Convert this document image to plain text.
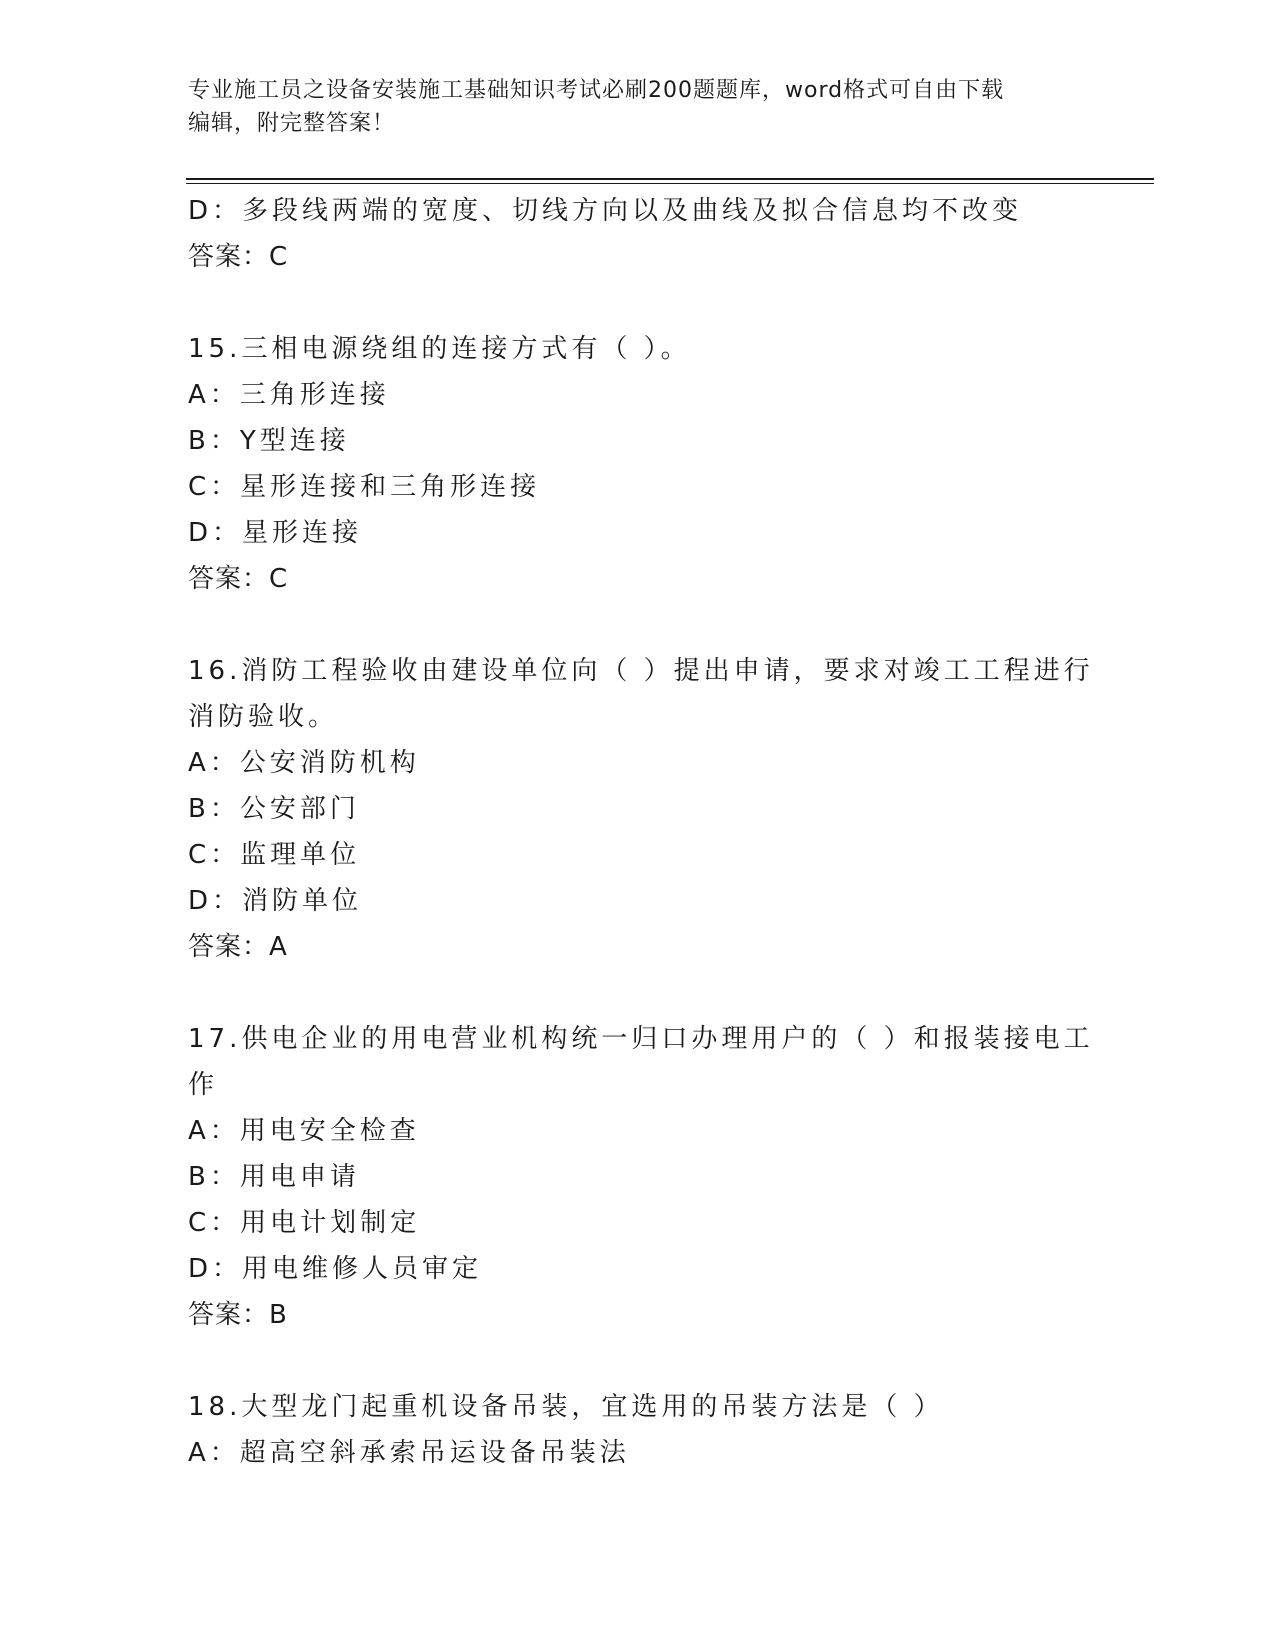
专业施工员之设备安装施工基础知识考试必刷200题题库，word格式可自由下载
编辑，附完整答案！
D：多段线两端的宽度、切线方向以及曲线及拟合信息均不改变
答案：C
15.三相电源绕组的连接方式有（ ）。
A：三角形连接
B：Y型连接
C：星形连接和三角形连接
D：星形连接
答案：C
16.消防工程验收由建设单位向（ ）提出申请，要求对竣工工程进行
消防验收。
A：公安消防机构
B：公安部门
C：监理单位
D：消防单位
答案：A
17.供电企业的用电营业机构统一归口办理用户的（ ）和报装接电工
作
A：用电安全检查
B：用电申请
C：用电计划制定
D：用电维修人员审定
答案：B
18.大型龙门起重机设备吊装，宜选用的吊装方法是（ ）
A：超高空斜承索吊运设备吊装法
